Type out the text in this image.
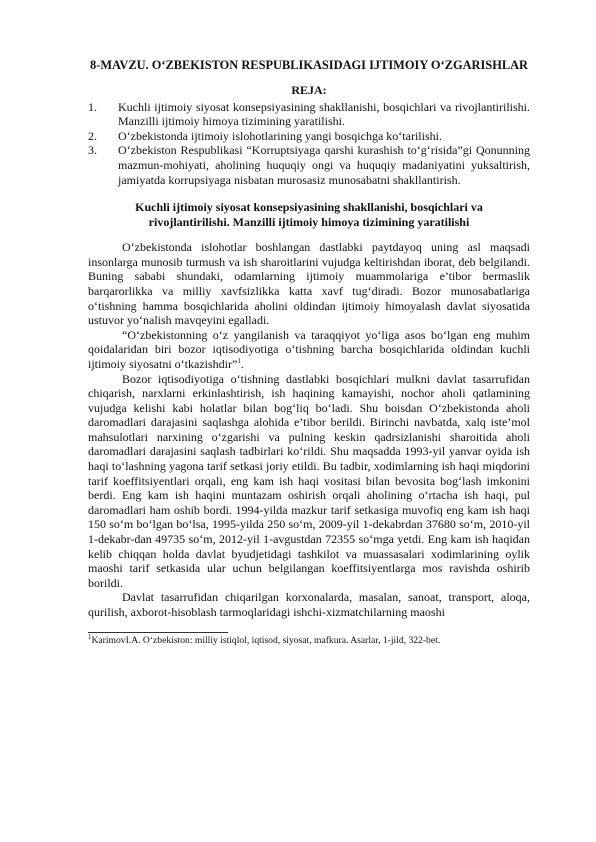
8-MAVZU. O‘ZBEKISTON RESPUBLIKASIDAGI IJTIMOIY O‘ZGARISHLAR

REJA:

1.	Kuchli ijtimoiy siyosat konsepsiyasining shakllanishi, bosqichlari va rivojlantirilishi. Manzilli ijtimoiy himoya tizimining yaratilishi.
2.	O‘zbekistonda ijtimoiy islohotlarining yangi bosqichga ko‘tarilishi.
3.	O‘zbekiston Respublikasi “Korruptsiyaga qarshi kurashish to‘g‘risida”gi Qonunning mazmun-mohiyati, aholining huquqiy ongi va huquqiy madaniyatini yuksaltirish, jamiyatda korrupsiyaga nisbatan murosasiz munosabatni shakllantirish.

Kuchli ijtimoiy siyosat konsepsiyasining shakllanishi, bosqichlari va rivojlantirilishi. Manzilli ijtimoiy himoya tizimining yaratilishi

O‘zbekistonda islohotlar boshlangan dastlabki paytdayoq uning asl maqsadi insonlarga munosib turmush va ish sharoitlarini vujudga keltirishdan iborat, deb belgilandi. Buning sababi shundaki, odamlarning ijtimoiy muammolariga e’tibor bermaslik barqarorlikka va milliy xavfsizlikka katta xavf tug‘diradi. Bozor munosabatlariga o‘tishning hamma bosqichlarida aholini oldindan ijtimoiy himoyalash davlat siyosatida ustuvor yo‘nalish mavqeyini egalladi.

“O‘zbekistonning o‘z yangilanish va taraqqiyot yo‘liga asos bo‘lgan eng muhim qoidalaridan biri bozor iqtisodiyotiga o‘tishning barcha bosqichlarida oldindan kuchli ijtimoiy siyosatni o‘tkazishdir”$^1$.

Bozor iqtisodiyotiga o‘tishning dastlabki bosqichlari mulkni davlat tasarrufidan chiqarish, narxlarni erkinlashtirish, ish haqining kamayishi, nochor aholi qatlamining vujudga kelishi kabi holatlar bilan bog‘liq bo‘ladi. Shu boisdan O‘zbekistonda aholi daromadlari darajasini saqlashga alohida e’tibor berildi. Birinchi navbatda, xalq iste’mol mahsulotlari narxining o‘zgarishi va pulning keskin qadrsizlanishi sharoitida aholi daromadlari darajasini saqlash tadbirlari ko‘rildi. Shu maqsadda 1993-yil yanvar oyida ish haqi to‘lashning yagona tarif setkasi joriy etildi. Bu tadbir, xodimlarning ish haqi miqdorini tarif koeffitsiyentlari orqali, eng kam ish haqi vositasi bilan bevosita bog‘lash imkonini berdi. Eng kam ish haqini muntazam oshirish orqali aholining o‘rtacha ish haqi, pul daromadlari ham oshib bordi. 1994-yilda mazkur tarif setkasiga muvofiq eng kam ish haqi 150 so‘m bo‘lgan bo‘lsa, 1995-yilda 250 so‘m, 2009-yil 1-dekabrdan 37680 so‘m, 2010-yil 1-dekabr-dan 49735 so‘m, 2012-yil 1-avgustdan 72355 so‘mga yetdi. Eng kam ish haqidan kelib chiqqan holda davlat byudjetidagi tashkilot va muassasalari xodimlarining oylik maoshi tarif setkasida ular uchun belgilangan koeffitsiyentlarga mos ravishda oshirib borildi.

Davlat tasarrufidan chiqarilgan korxonalarda, masalan, sanoat, transport, aloqa, qurilish, axborot-hisoblash tarmoqlaridagi ishchi-xizmatchilarning maoshi

$^1$KarimovI.A. O‘zbekiston: milliy istiqlol, iqtisod, siyosat, mafkura. Asarlar, 1-jild, 322-bet.
